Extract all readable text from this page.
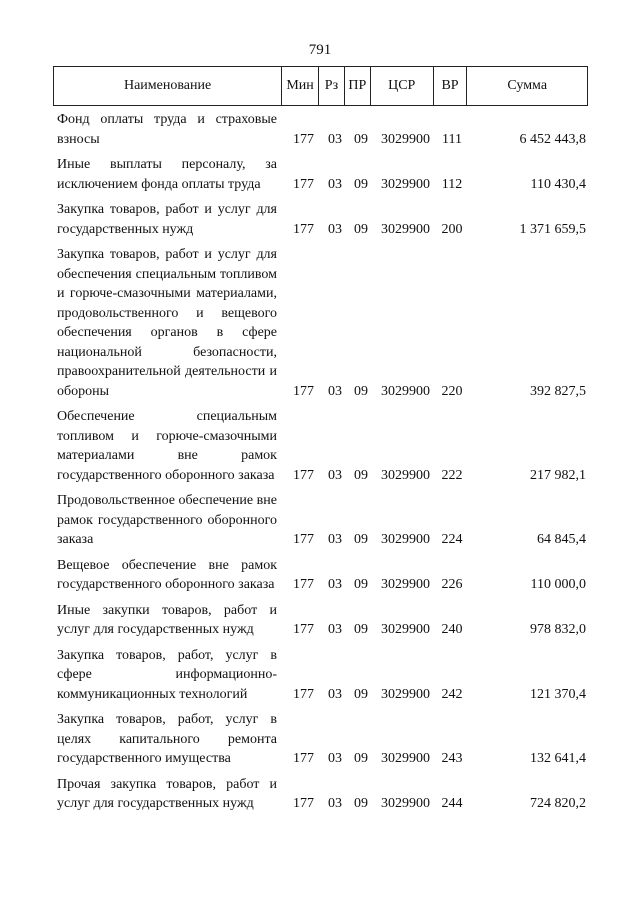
791
Наименование	Мин Рз ПР	ЦСР	ВР	Сумма
Фонд оплаты труда и страховые взносы	177	03 09 3029900 111	6 452 443,8
Иные выплаты персоналу, за исключением фонда оплаты труда	177	03 09 3029900 112	110 430,4
Закупка товаров, работ и услуг для государственных нужд	177	03 09 3029900 200	1 371 659,5
Закупка товаров, работ и услуг для обеспечения специальным топливом и горюче-смазочными материалами, продовольственного и вещевого обеспечения органов в сфере национальной безопасности, правоохранительной деятельности и обороны	177	03 09 3029900 220	392 827,5
Обеспечение специальным топливом и горюче-смазочными материалами вне рамок государственного оборонного заказа	177	03 09 3029900 222	217 982,1
Продовольственное обеспечение вне рамок государственного оборонного заказа	177	03 09 3029900 224	64 845,4
Вещевое обеспечение вне рамок государственного оборонного заказа	177	03 09 3029900 226	110 000,0
Иные закупки товаров, работ и услуг для государственных нужд	177	03 09 3029900 240	978 832,0
Закупка товаров, работ, услуг в сфере информационно-коммуникационных технологий	177	03 09 3029900 242	121 370,4
Закупка товаров, работ, услуг в целях капитального ремонта государственного имущества	177	03 09 3029900 243	132 641,4
Прочая закупка товаров, работ и услуг для государственных нужд	177	03 09 3029900 244	724 820,2
